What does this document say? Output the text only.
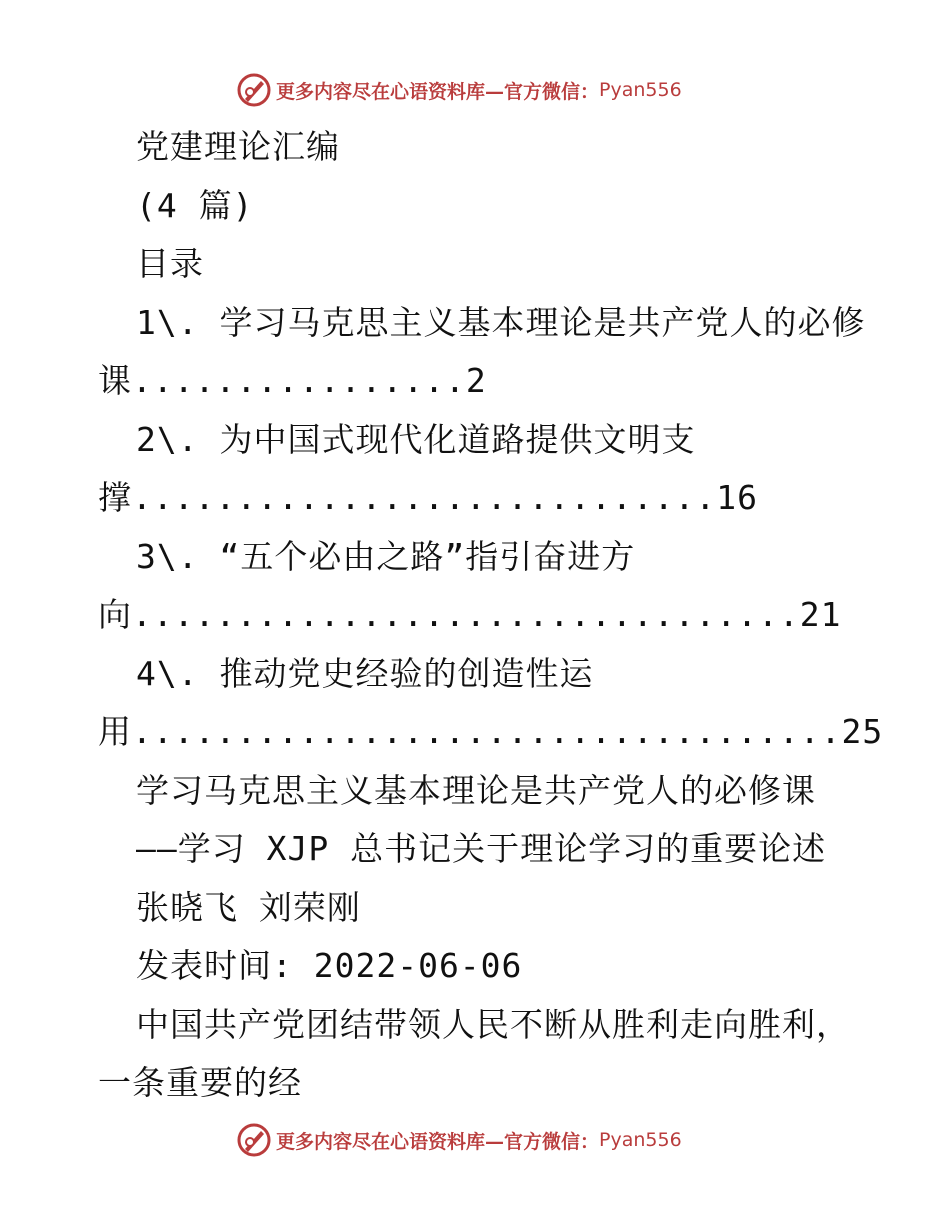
更多内容尽在心语资料库—官方微信： Pyan556
党建理论汇编
(4 篇)
目录
1\. 学习马克思主义基本理论是共产党人的必修
课................2
2\. 为中国式现代化道路提供文明支
撑............................16
3\. “五个必由之路”指引奋进方
向................................21
4\. 推动党史经验的创造性运
用..................................25
学习马克思主义基本理论是共产党人的必修课
——学习 XJP 总书记关于理论学习的重要论述
张晓飞 刘荣刚
发表时间: 2022-06-06
中国共产党团结带领人民不断从胜利走向胜利，
一条重要的经
更多内容尽在心语资料库—官方微信： Pyan556
